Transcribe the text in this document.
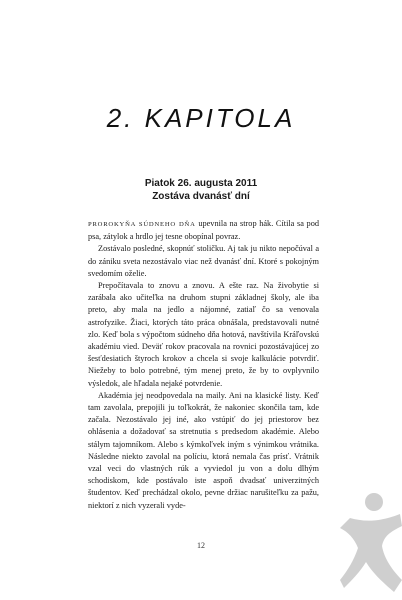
2. KAPITOLA
Piatok 26. augusta 2011
Zostáva dvanásť dní

PROROKYŇA SÚDNEHO DŇA upevnila na strop hák. Cítila sa pod psa, zátylok a hrdlo jej tesne obopínal povraz.

Zostávalo posledné, skopnúť stoličku. Aj tak ju nikto nepočúval a do zániku sveta nezostávalo viac než dvanásť dní. Ktoré s pokojným svedomím oželie.

Prepočítavala to znovu a znovu. A ešte raz. Na živobytie si zarábala ako učiteľka na druhom stupni základnej školy, ale iba preto, aby mala na jedlo a nájomné, zatiaľ čo sa venovala astrofyzike. Žiaci, ktorých táto práca obnášala, predstavovali nutné zlo. Keď bola s výpočtom súdneho dňa hotová, navštívila Kráľovskú akadémiu vied. Deväť rokov pracovala na rovnici pozostávajúcej zo šesťdesiatich štyroch krokov a chcela si svoje kalkulácie potvrdiť. Niežeby to bolo potrebné, tým menej preto, že by to ovplyvnilo výsledok, ale hľadala nejaké potvrdenie.

Akadémia jej neodpovedala na maily. Ani na klasické listy. Keď tam zavolala, prepojili ju toľkokrát, že nakoniec skončila tam, kde začala. Nezostávalo jej iné, ako vstúpiť do jej priestorov bez ohlásenia a dožadovať sa stretnutia s predsedom akadémie. Alebo stálym tajomníkom. Alebo s kýmkoľvek iným s výnimkou vrátnika. Následne niekto zavolal na políciu, ktorá nemala čas prísť. Vrátnik vzal veci do vlastných rúk a vyviedol ju von a dolu dlhým schodiskom, kde postávalo iste aspoň dvadsať univerzitných študentov. Keď prechádzal okolo, pevne držiac narušiteľku za pažu, niektorí z nich vyzerali vyde-

12
